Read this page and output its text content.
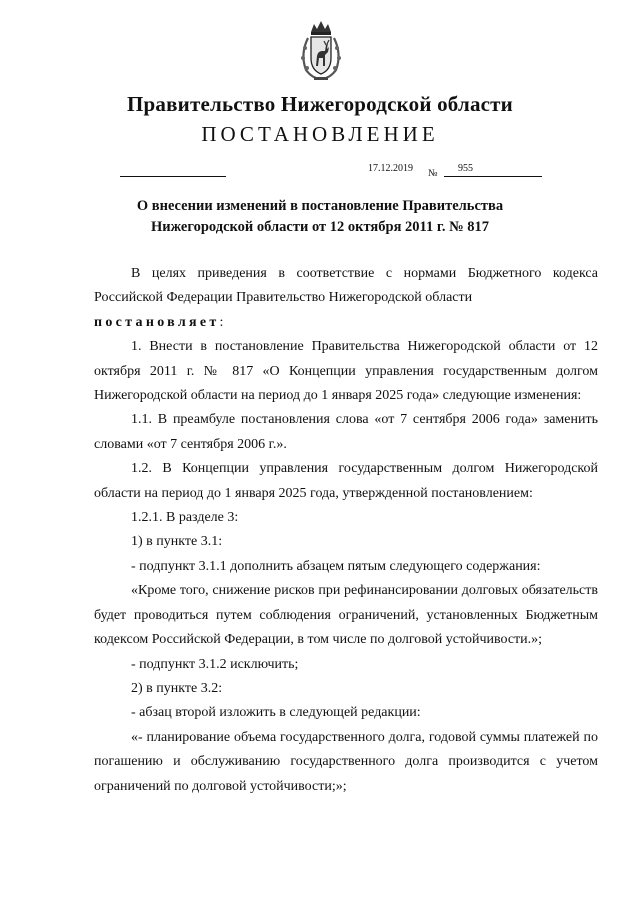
Правительство Нижегородской области
ПОСТАНОВЛЕНИЕ
17.12.2019 № 955
О внесении изменений в постановление Правительства
Нижегородской области от 12 октября 2011 г. № 817

В целях приведения в соответствие с нормами Бюджетного кодекса Российской Федерации Правительство Нижегородской области
постановляет:

1. Внести в постановление Правительства Нижегородской области от 12 октября 2011 г. № 817 «О Концепции управления государственным долгом Нижегородской области на период до 1 января 2025 года» следующие изменения:

1.1. В преамбуле постановления слова «от 7 сентября 2006 года» заменить словами «от 7 сентября 2006 г.».

1.2. В Концепции управления государственным долгом Нижегородской области на период до 1 января 2025 года, утвержденной постановлением:

1.2.1. В разделе 3:

1) в пункте 3.1:

- подпункт 3.1.1 дополнить абзацем пятым следующего содержания:

«Кроме того, снижение рисков при рефинансировании долговых обязательств будет проводиться путем соблюдения ограничений, установленных Бюджетным кодексом Российской Федерации, в том числе по долговой устойчивости.»;

- подпункт 3.1.2 исключить;

2) в пункте 3.2:

- абзац второй изложить в следующей редакции:

«- планирование объема государственного долга, годовой суммы платежей по погашению и обслуживанию государственного долга производится с учетом ограничений по долговой устойчивости;»;
